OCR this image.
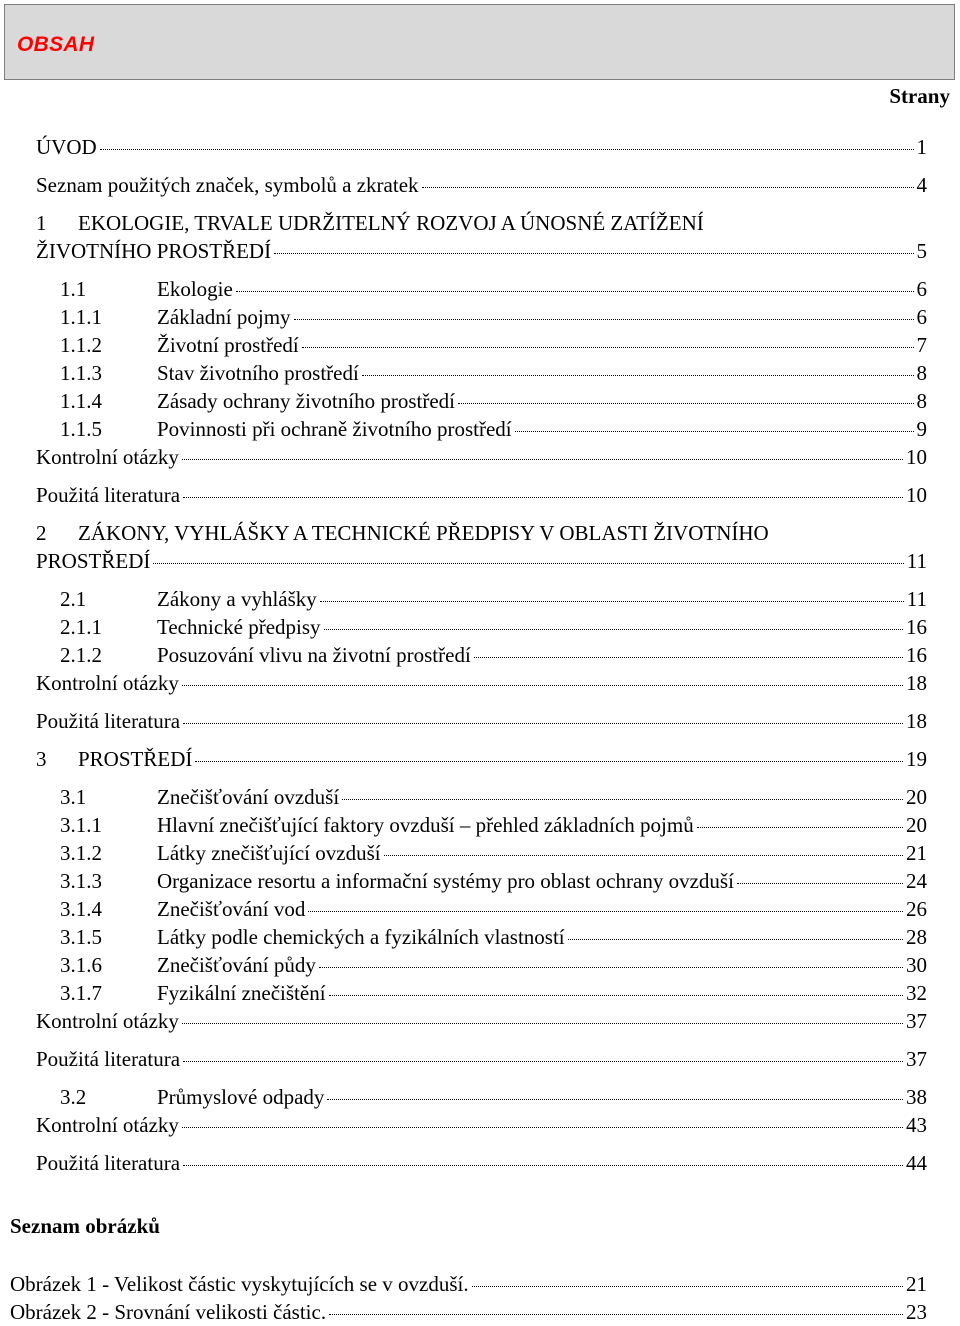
OBSAH
Strany
ÚVOD	1
Seznam použitých značek, symbolů a zkratek	4
1 EKOLOGIE, TRVALE UDRŽITELNÝ ROZVOJ A ÚNOSNÉ ZATÍŽENÍ
ŽIVOTNÍHO PROSTŘEDÍ	5
1.1	Ekologie	6
1.1.1	Základní pojmy	6
1.1.2	Životní prostředí	7
1.1.3	Stav životního prostředí	8
1.1.4	Zásady ochrany životního prostředí	8
1.1.5	Povinnosti při ochraně životního prostředí	9
Kontrolní otázky	10
Použitá literatura	10
2 ZÁKONY, VYHLÁŠKY A TECHNICKÉ PŘEDPISY V OBLASTI ŽIVOTNÍHO
PROSTŘEDÍ	11
2.1	Zákony a vyhlášky	11
2.1.1	Technické předpisy	16
2.1.2	Posuzování vlivu na životní prostředí	16
Kontrolní otázky	18
Použitá literatura	18
3	PROSTŘEDÍ	19
3.1	Znečišťování ovzduší	20
3.1.1	Hlavní znečišťující faktory ovzduší – přehled základních pojmů	20
3.1.2	Látky znečišťující ovzduší	21
3.1.3	Organizace resortu a informační systémy pro oblast ochrany ovzduší	24
3.1.4	Znečišťování vod	26
3.1.5	Látky podle chemických a fyzikálních vlastností	28
3.1.6	Znečišťování půdy	30
3.1.7	Fyzikální znečištění	32
Kontrolní otázky	37
Použitá literatura	37
3.2	Průmyslové odpady	38
Kontrolní otázky	43
Použitá literatura	44
Seznam obrázků
Obrázek 1 - Velikost částic vyskytujících se v ovzduší.	21
Obrázek 2 - Srovnání velikosti částic.	23
